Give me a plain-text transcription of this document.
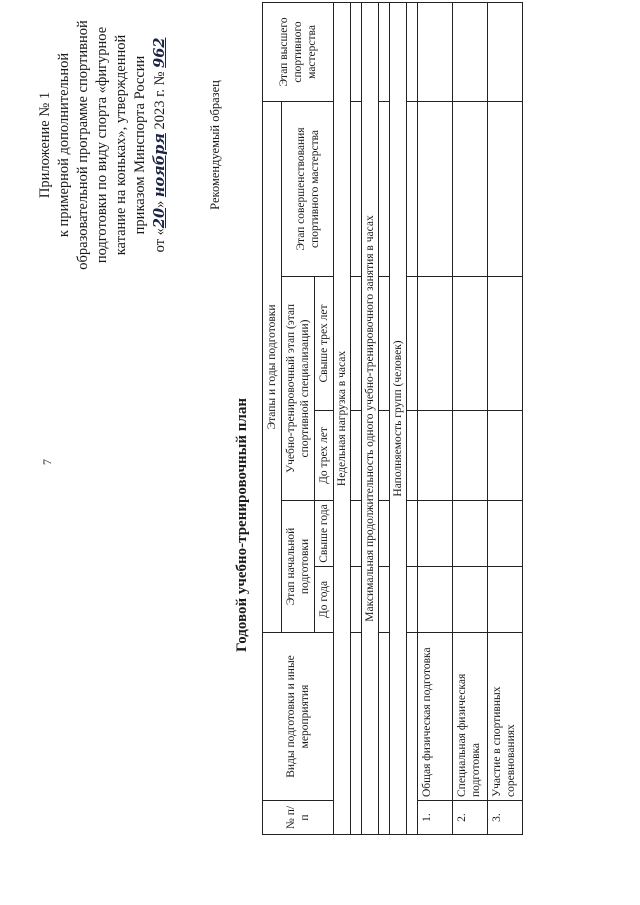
7
Приложение № 1 к примерной дополнительной образовательной программе спортивной подготовки по виду спорта «фигурное катание на коньках», утвержденной приказом Минспорта России
от «20» ноября 2023 г. № 962
Рекомендуемый образец
Годовой учебно-тренировочный план
№ п/п	Виды подготовки и иные мероприятия	Этапы и годы подготовки					Этап высшего спортивного мастерства
		Этап начальной подготовки		Учебно-тренировочный этап (этап спортивной специализации)		Этап совершенствования спортивного мастерства	
		До года	Свыше года	До трех лет	Свыше трех лет		
Недельная нагрузка в часах							

Максимальная продолжительность одного учебно-тренировочного занятия в часах							

Наполняемость групп (человек)							

1.	Общая физическая подготовка						
2.	Специальная физическая подготовка						
3.	Участие в спортивных соревнованиях						
